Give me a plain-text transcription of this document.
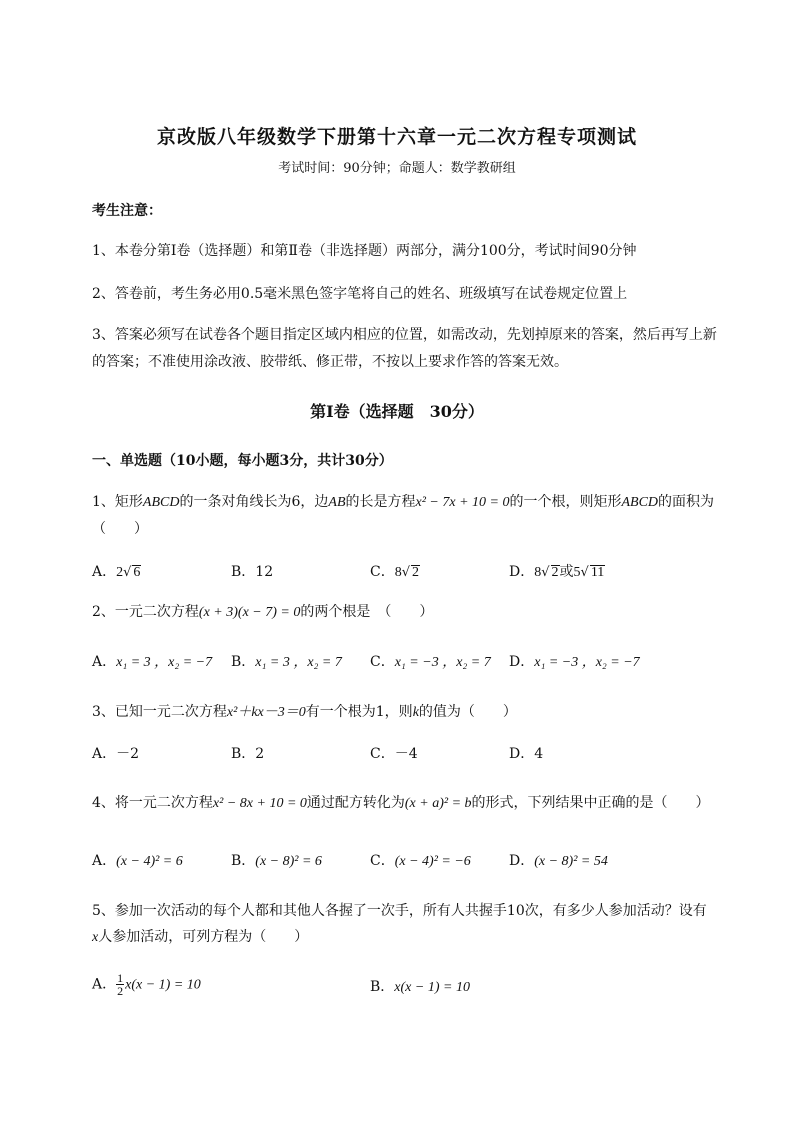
京改版八年级数学下册第十六章一元二次方程专项测试
考试时间：90分钟；命题人：数学教研组
考生注意：
1、本卷分第I卷（选择题）和第Ⅱ卷（非选择题）两部分，满分100分，考试时间90分钟
2、答卷前，考生务必用0.5毫米黑色签字笔将自己的姓名、班级填写在试卷规定位置上
3、答案必须写在试卷各个题目指定区域内相应的位置，如需改动，先划掉原来的答案，然后再写上新
的答案；不准使用涂改液、胶带纸、修正带，不按以上要求作答的答案无效。
第I卷（选择题　30分）
一、单选题（10小题，每小题3分，共计30分）
1、矩形ABCD的一条对角线长为6，边AB的长是方程x² − 7x + 10 = 0的一个根，则矩形ABCD的面积为
（　　）
A．2√ 6	B．12	C．8√ 2	D．8√ 2或5√ 11
2、一元二次方程(x + 3)(x − 7) = 0的两个根是　（　　）
A．x₁ = 3 ，x₂ = −7 B．x₁ = 3 ，x₂ = 7 C．x₁ = −3 ，x₂ = 7 D．x₁ = −3 ，x₂ = −7
3、已知一元二次方程x²＋kx－3＝0有一个根为1，则k的值为（　　）
A．－2	B．2	C．－4	D．4
4、将一元二次方程x² − 8x + 10 = 0通过配方转化为(x + a)² = b的形式，下列结果中正确的是（　　）
A．(x − 4)² = 6	B．(x − 8)² = 6	C．(x − 4)² = −6	D．(x − 8)² = 54
5、参加一次活动的每个人都和其他人各握了一次手，所有人共握手10次，有多少人参加活动？设有
x人参加活动，可列方程为（　　）
A． $\frac{1}{2} x(x - 1) = 10$	B．x(x − 1) = 10
